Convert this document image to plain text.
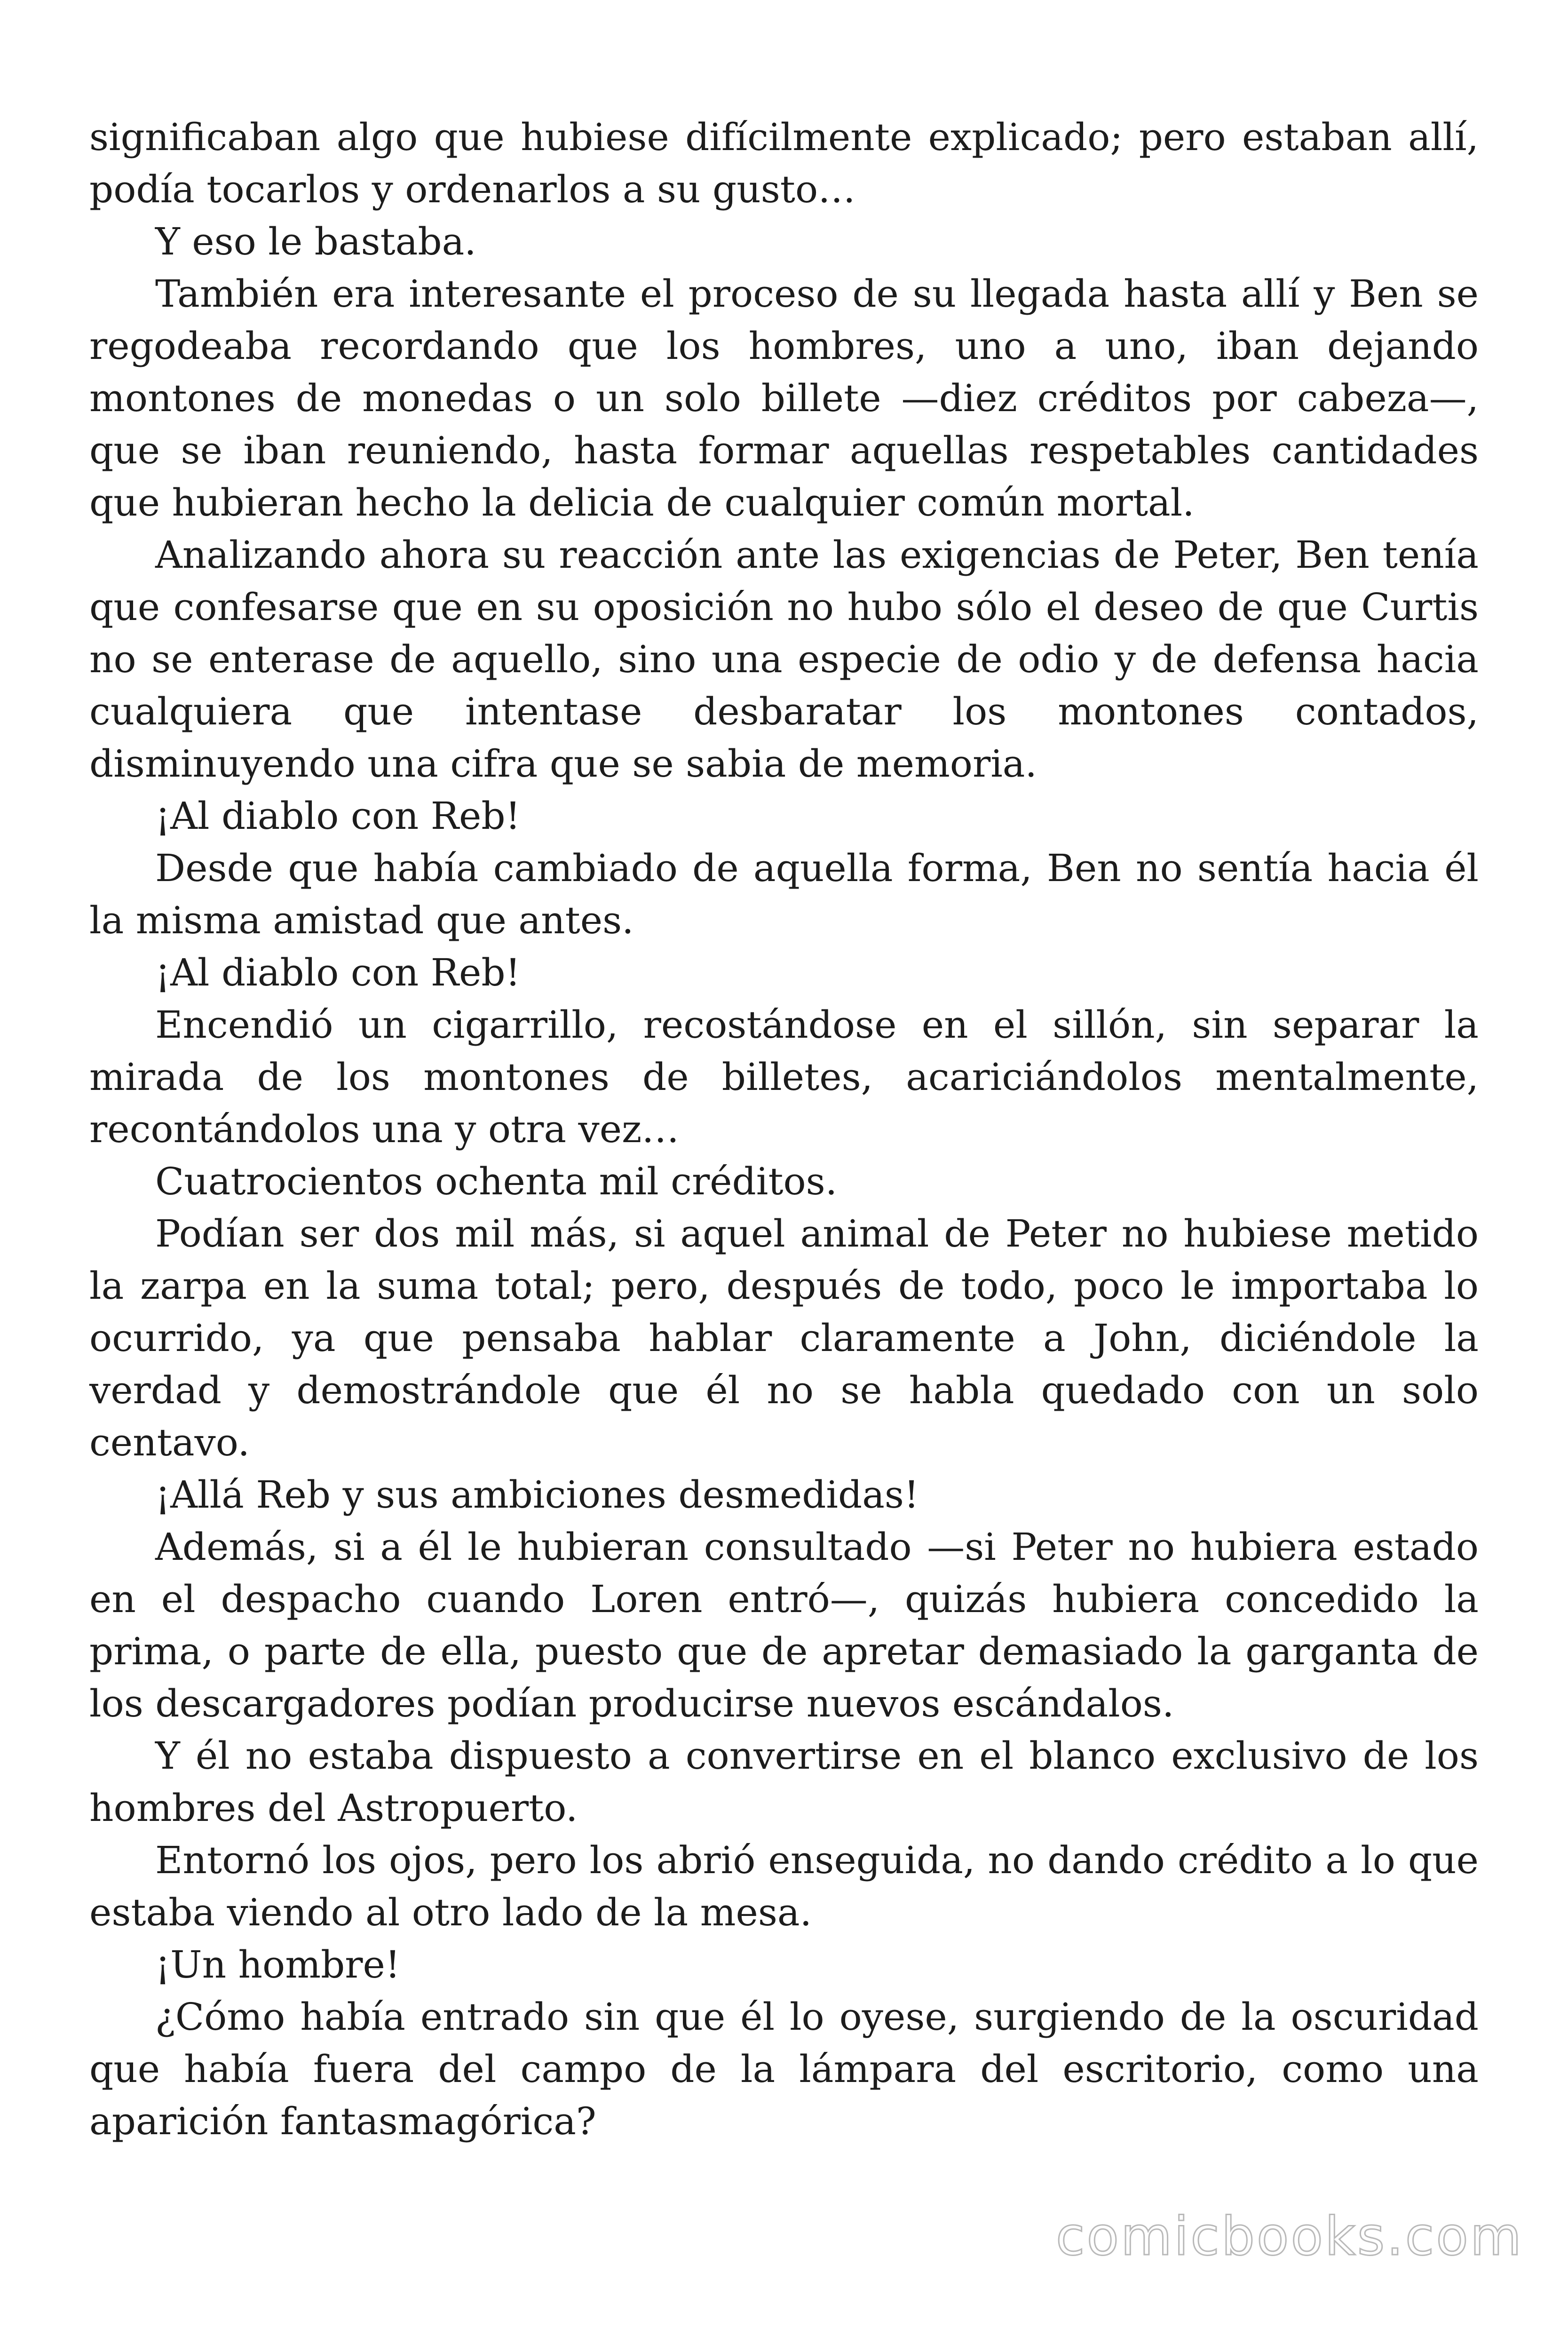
significaban algo que hubiese difícilmente explicado; pero estaban allí, podía tocarlos y ordenarlos a su gusto…

Y eso le bastaba.

También era interesante el proceso de su llegada hasta allí y Ben se regodeaba recordando que los hombres, uno a uno, iban dejando montones de monedas o un solo billete —diez créditos por cabeza—, que se iban reuniendo, hasta formar aquellas respetables cantidades que hubieran hecho la delicia de cualquier común mortal.

Analizando ahora su reacción ante las exigencias de Peter, Ben tenía que confesarse que en su oposición no hubo sólo el deseo de que Curtis no se enterase de aquello, sino una especie de odio y de defensa hacia cualquiera que intentase desbaratar los montones contados, disminuyendo una cifra que se sabia de memoria.

¡Al diablo con Reb!

Desde que había cambiado de aquella forma, Ben no sentía hacia él la misma amistad que antes.

¡Al diablo con Reb!

Encendió un cigarrillo, recostándose en el sillón, sin separar la mirada de los montones de billetes, acariciándolos mentalmente, recontándolos una y otra vez…

Cuatrocientos ochenta mil créditos.

Podían ser dos mil más, si aquel animal de Peter no hubiese metido la zarpa en la suma total; pero, después de todo, poco le importaba lo ocurrido, ya que pensaba hablar claramente a John, diciéndole la verdad y demostrándole que él no se habla quedado con un solo centavo.

¡Allá Reb y sus ambiciones desmedidas!

Además, si a él le hubieran consultado —si Peter no hubiera estado en el despacho cuando Loren entró—, quizás hubiera concedido la prima, o parte de ella, puesto que de apretar demasiado la garganta de los descargadores podían producirse nuevos escándalos.

Y él no estaba dispuesto a convertirse en el blanco exclusivo de los hombres del Astropuerto.

Entornó los ojos, pero los abrió enseguida, no dando crédito a lo que estaba viendo al otro lado de la mesa.

¡Un hombre!

¿Cómo había entrado sin que él lo oyese, surgiendo de la oscuridad que había fuera del campo de la lámpara del escritorio, como una aparición fantasmagórica?

comicbooks.com
